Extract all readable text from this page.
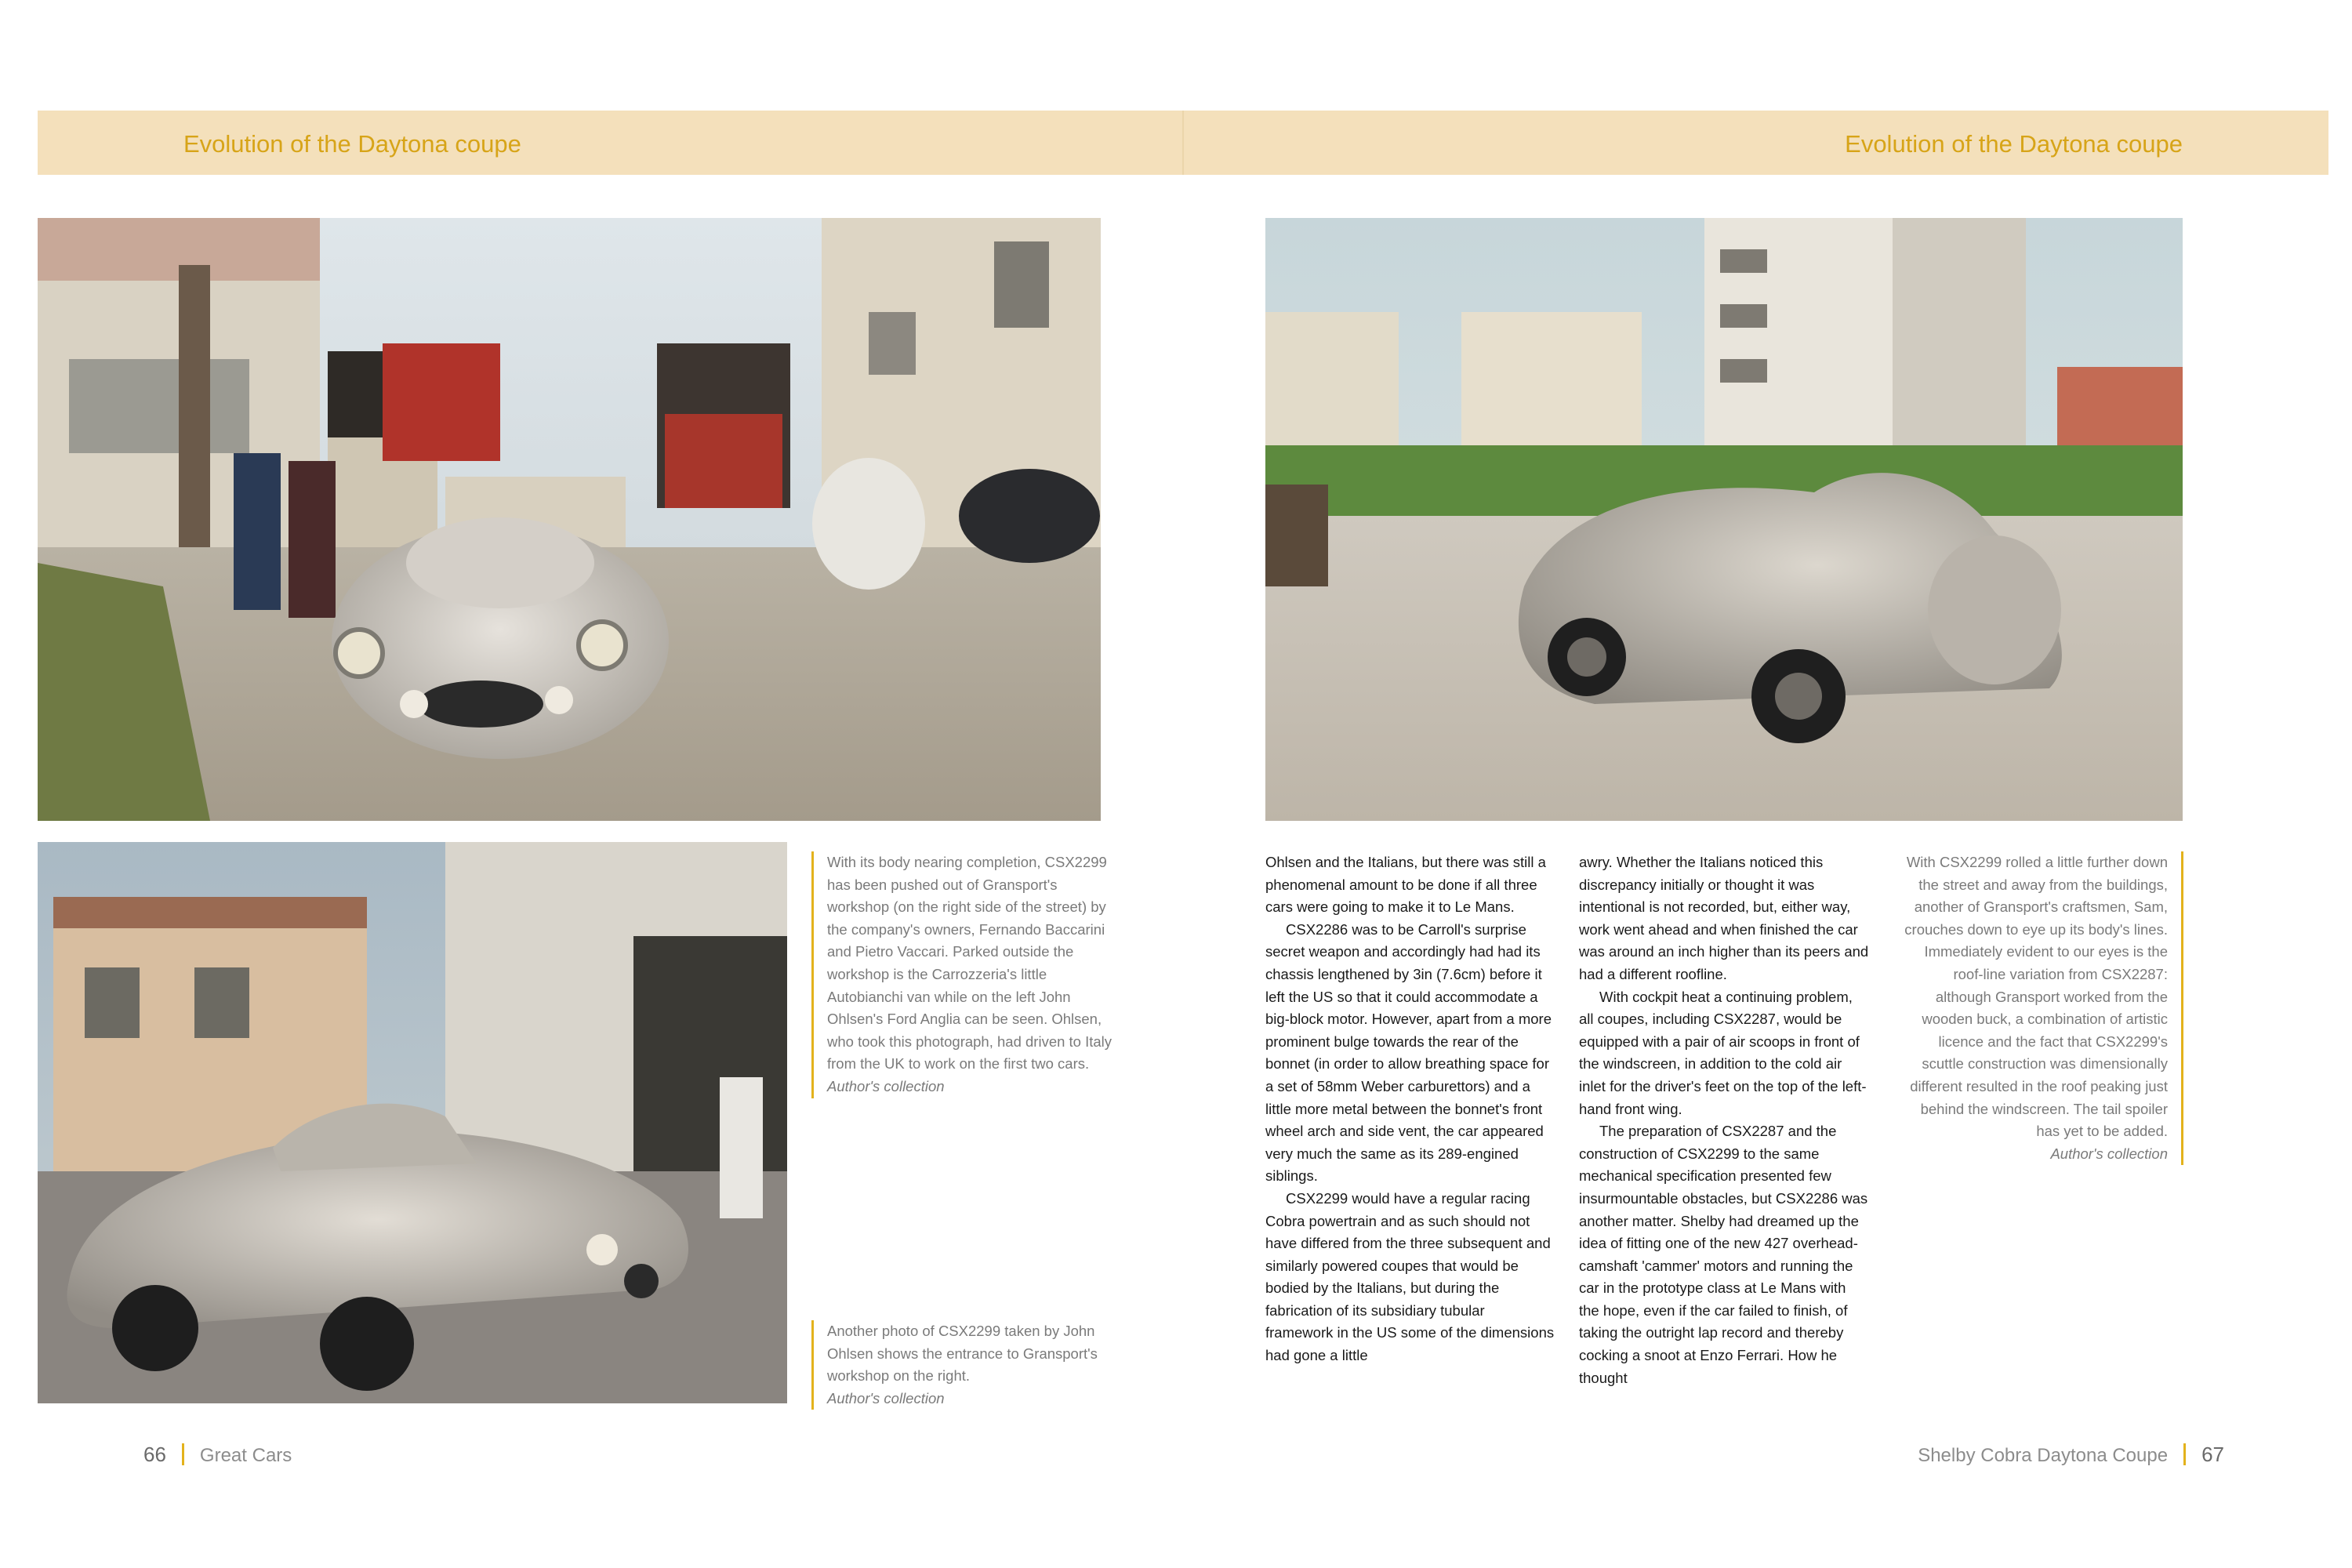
Evolution of the Daytona coupe	Evolution of the Daytona coupe

With its body nearing completion, CSX2299 has been pushed out of Gransport's workshop (on the right side of the street) by the company's owners, Fernando Baccarini and Pietro Vaccari. Parked outside the workshop is the Carrozzeria's little Autobianchi van while on the left John Ohlsen's Ford Anglia can be seen. Ohlsen, who took this photograph, had driven to Italy from the UK to work on the first two cars.

Author's collection

Another photo of CSX2299 taken by John Ohlsen shows the entrance to Gransport's workshop on the right.

Author's collection

With CSX2299 rolled a little further down the street and away from the buildings, another of Gransport's craftsmen, Sam, crouches down to eye up its body's lines. Immediately evident to our eyes is the roof-line variation from CSX2287: although Gransport worked from the wooden buck, a combination of artistic licence and the fact that CSX2299's scuttle construction was dimensionally different resulted in the roof peaking just behind the windscreen. The tail spoiler has yet to be added.

Author's collection

Ohlsen and the Italians, but there was still a phenomenal amount to be done if all three cars were going to make it to Le Mans.

CSX2286 was to be Carroll's surprise secret weapon and accordingly had had its chassis lengthened by 3in (7.6cm) before it left the US so that it could accommodate a big-block motor. However, apart from a more prominent bulge towards the rear of the bonnet (in order to allow breathing space for a set of 58mm Weber carburettors) and a little more metal between the bonnet's front wheel arch and side vent, the car appeared very much the same as its 289-engined siblings.

CSX2299 would have a regular racing Cobra powertrain and as such should not have differed from the three subsequent and similarly powered coupes that would be bodied by the Italians, but during the fabrication of its subsidiary tubular framework in the US some of the dimensions had gone a little

awry. Whether the Italians noticed this discrepancy initially or thought it was intentional is not recorded, but, either way, work went ahead and when finished the car was around an inch higher than its peers and had a different roofline.

With cockpit heat a continuing problem, all coupes, including CSX2287, would be equipped with a pair of air scoops in front of the windscreen, in addition to the cold air inlet for the driver's feet on the top of the left-hand front wing.

The preparation of CSX2287 and the construction of CSX2299 to the same mechanical specification presented few insurmountable obstacles, but CSX2286 was another matter. Shelby had dreamed up the idea of fitting one of the new 427 overhead-camshaft 'cammer' motors and running the car in the prototype class at Le Mans with the hope, even if the car failed to finish, of taking the outright lap record and thereby cocking a snoot at Enzo Ferrari. How he thought

66 Great Cars	Shelby Cobra Daytona Coupe 67
